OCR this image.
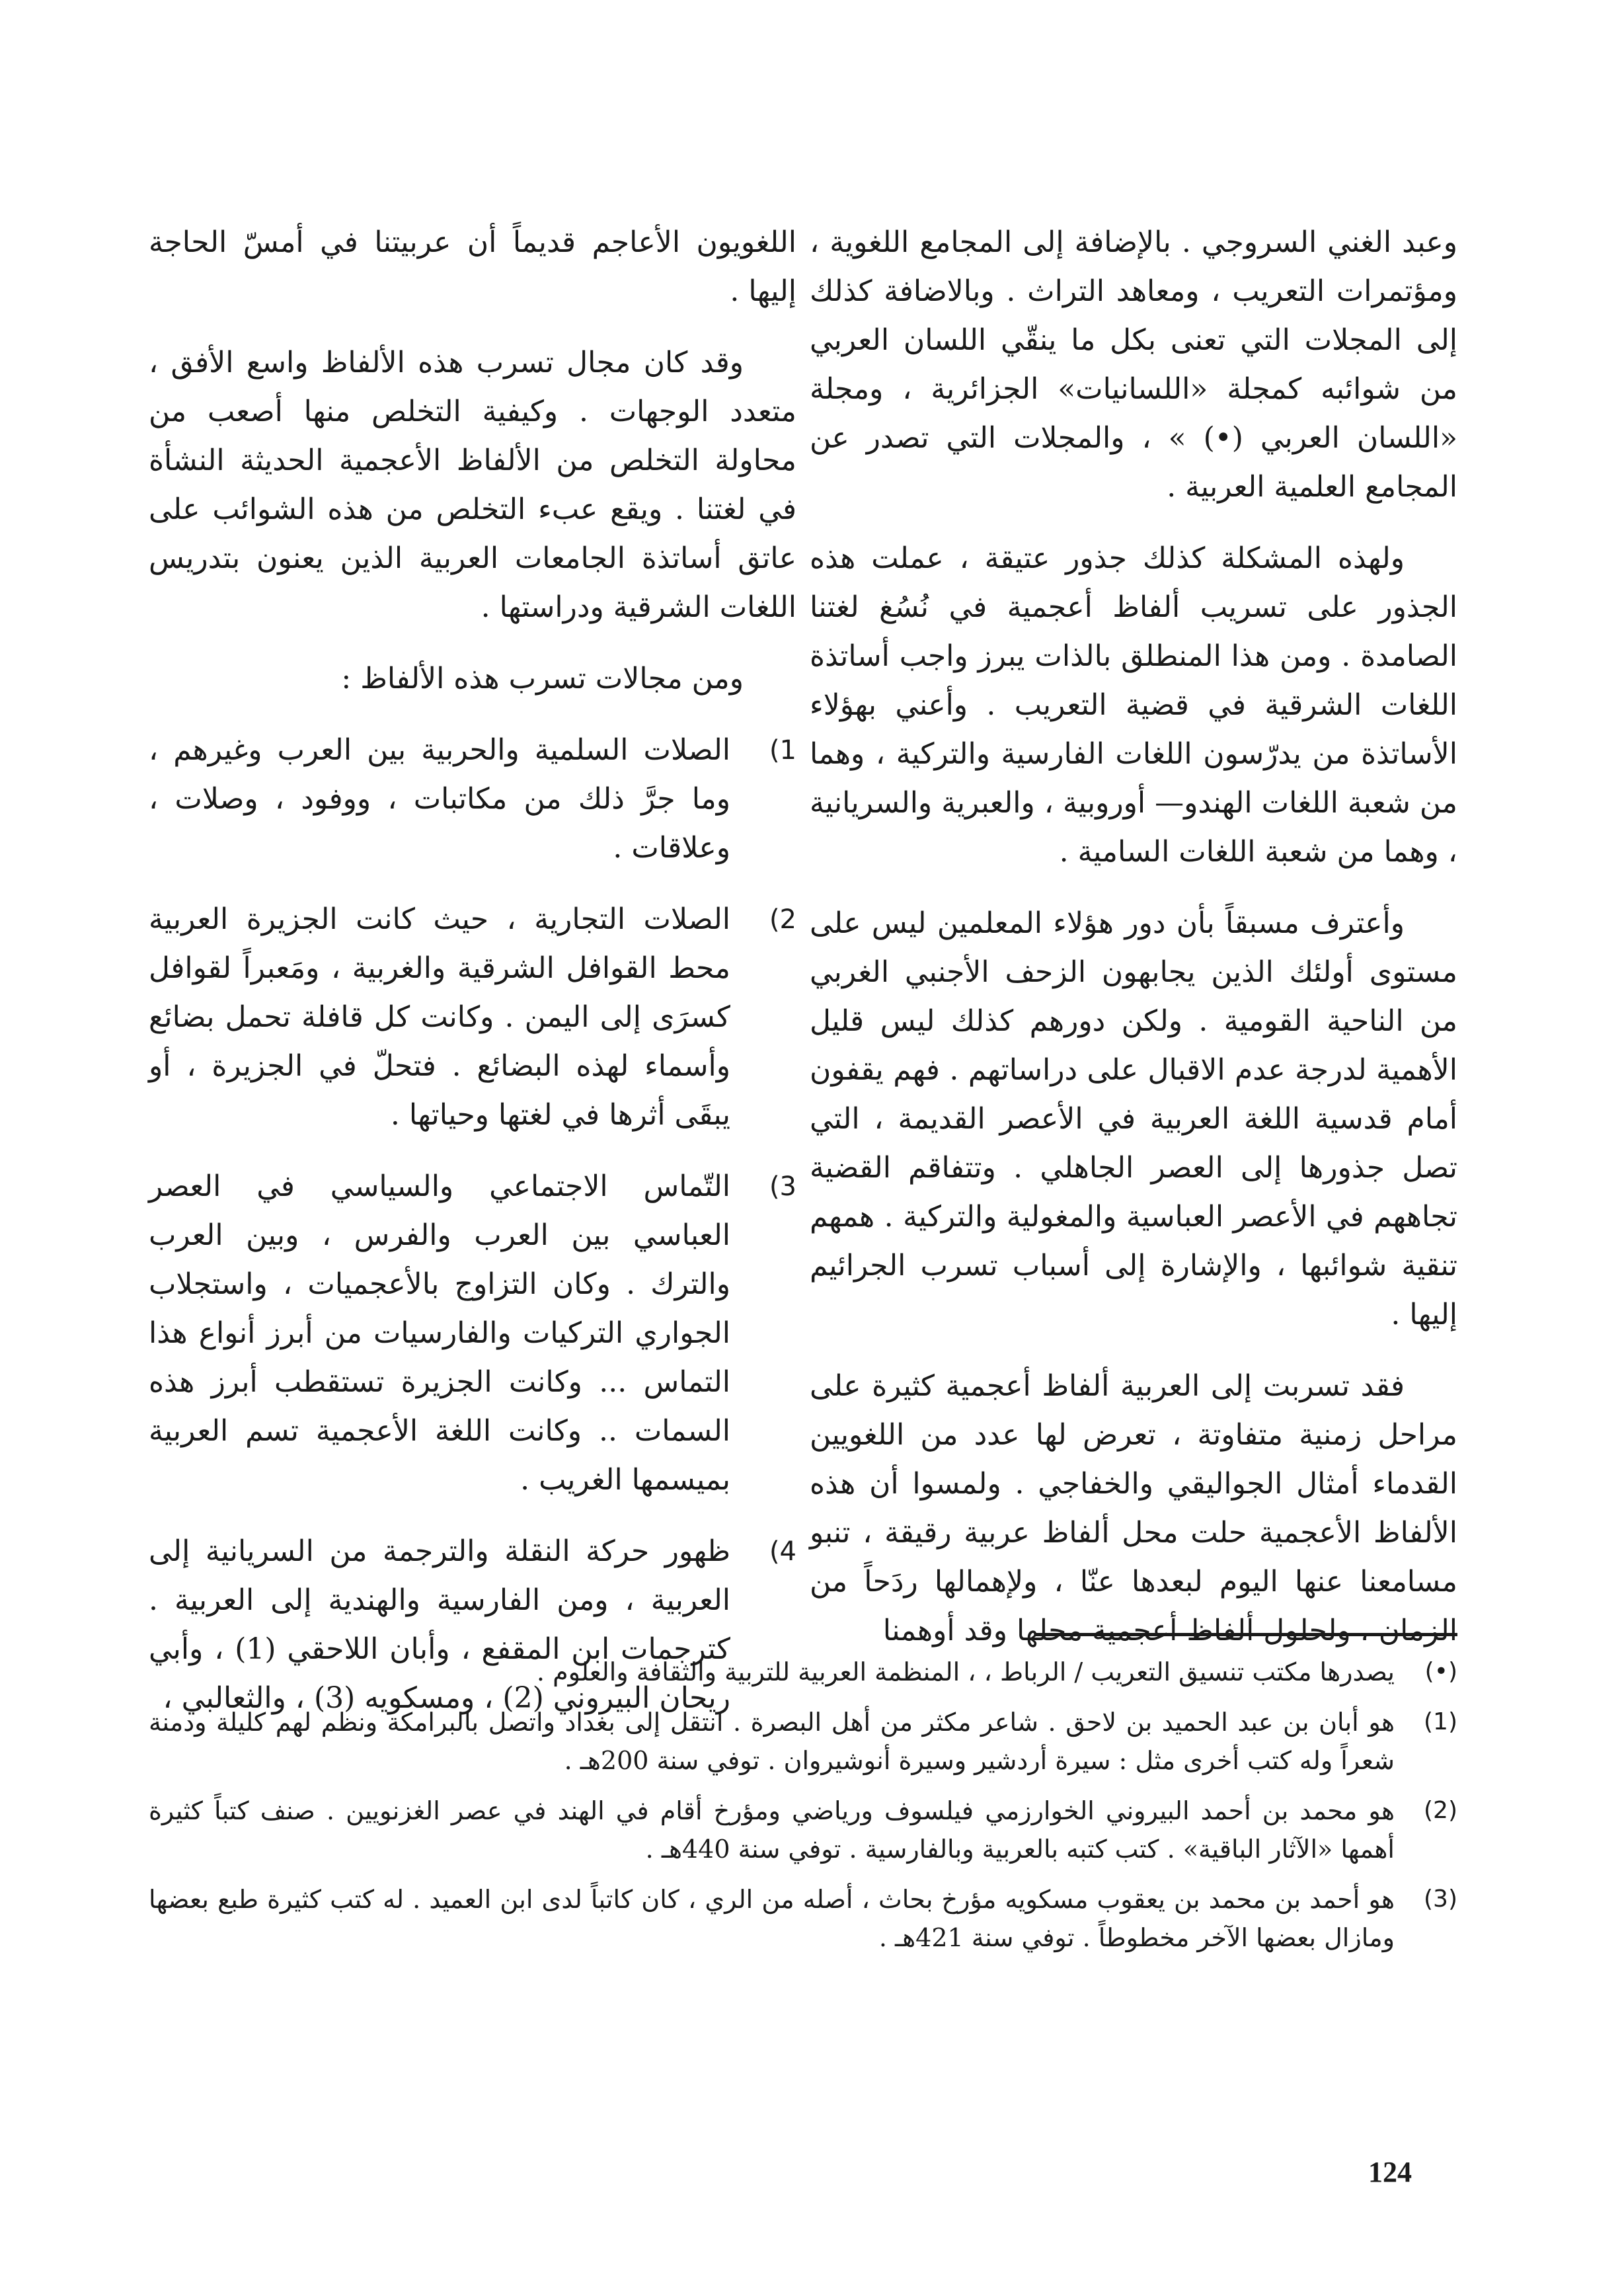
وعبد الغني السروجي . بالإضافة إلى المجامع اللغوية ، ومؤتمرات التعريب ، ومعاهد التراث . وبالاضافة كذلك إلى المجلات التي تعنى بكل ما ينقّي اللسان العربي من شوائبه كمجلة «اللسانيات» الجزائرية ، ومجلة «اللسان العربي (•) » ، والمجلات التي تصدر عن المجامع العلمية العربية .

ولهذه المشكلة كذلك جذور عتيقة ، عملت هذه الجذور على تسريب ألفاظ أعجمية في نُسُغ لغتنا الصامدة . ومن هذا المنطلق بالذات يبرز واجب أساتذة اللغات الشرقية في قضية التعريب . وأعني بهؤلاء الأساتذة من يدرّسون اللغات الفارسية والتركية ، وهما من شعبة اللغات الهندو— أوروبية ، والعبرية والسريانية ، وهما من شعبة اللغات السامية .

وأعترف مسبقاً بأن دور هؤلاء المعلمين ليس على مستوى أولئك الذين يجابهون الزحف الأجنبي الغربي من الناحية القومية . ولكن دورهم كذلك ليس قليل الأهمية لدرجة عدم الاقبال على دراساتهم . فهم يقفون أمام قدسية اللغة العربية في الأعصر القديمة ، التي تصل جذورها إلى العصر الجاهلي . وتتفاقم القضية تجاههم في الأعصر العباسية والمغولية والتركية . همهم تنقية شوائبها ، والإشارة إلى أسباب تسرب الجرائيم إليها .

فقد تسربت إلى العربية ألفاظ أعجمية كثيرة على مراحل زمنية متفاوتة ، تعرض لها عدد من اللغويين القدماء أمثال الجواليقي والخفاجي . ولمسوا أن هذه الألفاظ الأعجمية حلت محل ألفاظ عربية رقيقة ، تنبو مسامعنا عنها اليوم لبعدها عنّا ، ولإهمالها ردَحاً من الزمان ، ولحلول ألفاظ أعجمية محلها وقد أوهمنا

اللغويون الأعاجم قديماً أن عربيتنا في أمسّ الحاجة إليها .

وقد كان مجال تسرب هذه الألفاظ واسع الأفق ، متعدد الوجهات . وكيفية التخلص منها أصعب من محاولة التخلص من الألفاظ الأعجمية الحديثة النشأة في لغتنا . ويقع عبء التخلص من هذه الشوائب على عاتق أساتذة الجامعات العربية الذين يعنون بتدريس اللغات الشرقية ودراستها .

ومن مجالات تسرب هذه الألفاظ :

1)
الصلات السلمية والحربية بين العرب وغيرهم ، وما جرَّ ذلك من مكاتبات ، ووفود ، وصلات ، وعلاقات .
2)
الصلات التجارية ، حيث كانت الجزيرة العربية محط القوافل الشرقية والغربية ، ومَعبراً لقوافل كسرَى إلى اليمن . وكانت كل قافلة تحمل بضائع وأسماء لهذه البضائع . فتحلّ في الجزيرة ، أو يبقَى أثرها في لغتها وحياتها .
3)
التّماس الاجتماعي والسياسي في العصر العباسي بين العرب والفرس ، وبين العرب والترك . وكان التزاوج بالأعجميات ، واستجلاب الجواري التركيات والفارسيات من أبرز أنواع هذا التماس ... وكانت الجزيرة تستقطب أبرز هذه السمات .. وكانت اللغة الأعجمية تسم العربية بميسمها الغريب .
4)
ظهور حركة النقلة والترجمة من السريانية إلى العربية ، ومن الفارسية والهندية إلى العربية . كترجمات ابن المقفع ، وأبان اللاحقي (1) ، وأبي ريحان البيروني (2) ، ومسكويه (3) ، والثعالبي ،
(•)
يصدرها مكتب تنسيق التعريب / الرباط ، ، المنظمة العربية للتربية والثقافة والعلوم .
(1)
هو أبان بن عبد الحميد بن لاحق . شاعر مكثر من أهل البصرة . انتقل إلى بغداد واتصل بالبرامكة ونظم لهم كليلة ودمنة شعراً وله كتب أخرى مثل : سيرة أردشير وسيرة أنوشيروان . توفي سنة 200هـ .
(2)
هو محمد بن أحمد البيروني الخوارزمي فيلسوف ورياضي ومؤرخ أقام في الهند في عصر الغزنويين . صنف كتباً كثيرة أهمها «الآثار الباقية» . كتب كتبه بالعربية وبالفارسية . توفي سنة 440هـ .
(3)
هو أحمد بن محمد بن يعقوب مسكويه مؤرخ بحاث ، أصله من الري ، كان كاتباً لدى ابن العميد . له كتب كثيرة طبع بعضها ومازال بعضها الآخر مخطوطاً . توفي سنة 421هـ .
124
